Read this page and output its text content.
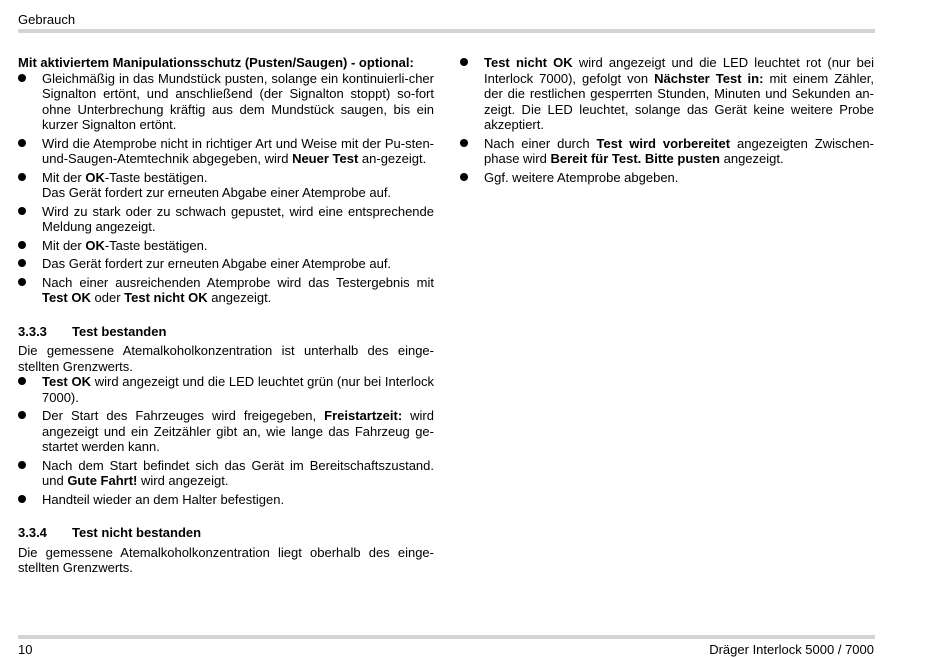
Gebrauch

Mit aktiviertem Manipulationsschutz (Pusten/Saugen) - optional:

Gleichmäßig in das Mundstück pusten, solange ein kontinuierli-cher Signalton ertönt, und anschließend (der Signalton stoppt) so-fort ohne Unterbrechung kräftig aus dem Mundstück saugen, bis ein kurzer Signalton ertönt.
Wird die Atemprobe nicht in richtiger Art und Weise mit der Pu-sten-und-Saugen-Atemtechnik abgegeben, wird Neuer Test an-gezeigt.
Mit der OK-Taste bestätigen.
Das Gerät fordert zur erneuten Abgabe einer Atemprobe auf.
Wird zu stark oder zu schwach gepustet, wird eine entsprechende Meldung angezeigt.
Mit der OK-Taste bestätigen.
Das Gerät fordert zur erneuten Abgabe einer Atemprobe auf.
Nach einer ausreichenden Atemprobe wird das Testergebnis mit Test OK oder Test nicht OK angezeigt.
3.3.3	Test bestanden

Die gemessene Atemalkoholkonzentration ist unterhalb des einge-stellten Grenzwerts.

Test OK wird angezeigt und die LED leuchtet grün (nur bei Interlock 7000).
Der Start des Fahrzeuges wird freigegeben, Freistartzeit: wird angezeigt und ein Zeitzähler gibt an, wie lange das Fahrzeug ge-startet werden kann.
Nach dem Start befindet sich das Gerät im Bereitschaftszustand. und Gute Fahrt! wird angezeigt.
Handteil wieder an dem Halter befestigen.
3.3.4	Test nicht bestanden

Die gemessene Atemalkoholkonzentration liegt oberhalb des einge-stellten Grenzwerts.

Test nicht OK wird angezeigt und die LED leuchtet rot (nur bei Interlock 7000), gefolgt von Nächster Test in: mit einem Zähler, der die restlichen gesperrten Stunden, Minuten und Sekunden an-zeigt. Die LED leuchtet, solange das Gerät keine weitere Probe akzeptiert.
Nach einer durch Test wird vorbereitet angezeigten Zwischen-phase wird Bereit für Test. Bitte pusten angezeigt.
Ggf. weitere Atemprobe abgeben.
10	Dräger Interlock 5000 / 7000
